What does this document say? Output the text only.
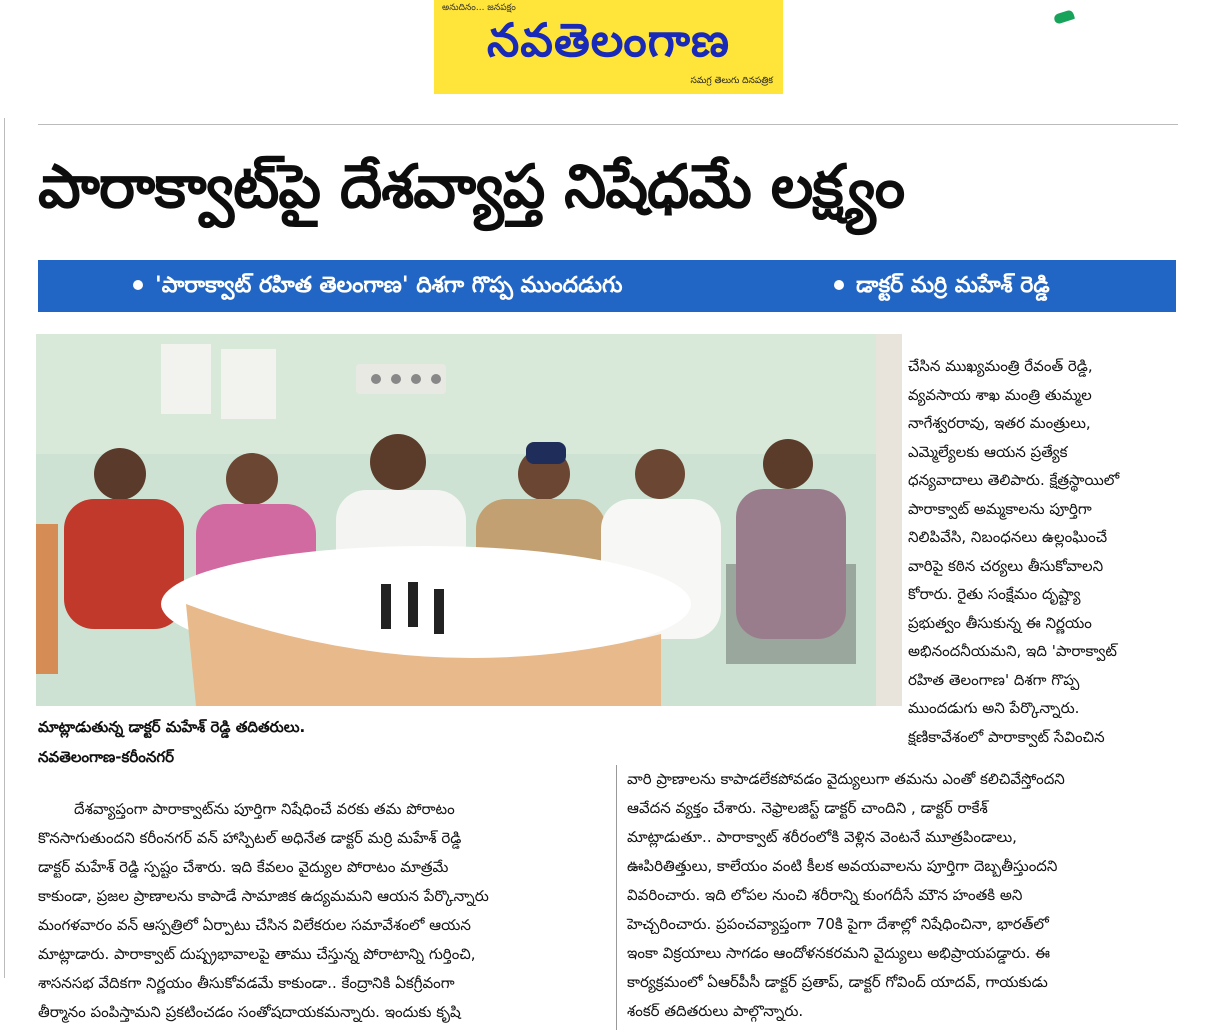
అనుదినం... జనపక్షం
నవతెలంగాణ
సమగ్ర తెలుగు దినపత్రిక
పారాక్వాట్‌పై దేశవ్యాప్త నిషేధమే లక్ష్యం
'పారాక్వాట్ రహిత తెలంగాణ' దిశగా గొప్ప ముందడుగు	డాక్టర్ మర్రి మహేశ్ రెడ్డి
మాట్లాడుతున్న డాక్టర్ మహేశ్ రెడ్డి తదితరులు.
నవతెలంగాణ-కరీంనగర్
చేసిన ముఖ్యమంత్రి రేవంత్ రెడ్డి,
వ్యవసాయ శాఖ మంత్రి తుమ్మల
నాగేశ్వరరావు, ఇతర మంత్రులు,
ఎమ్మెల్యేలకు ఆయన ప్రత్యేక
ధన్యవాదాలు తెలిపారు. క్షేత్రస్థాయిలో
పారాక్వాట్ అమ్మకాలను పూర్తిగా
నిలిపివేసి, నిబంధనలు ఉల్లంఘించే
వారిపై కఠిన చర్యలు తీసుకోవాలని
కోరారు. రైతు సంక్షేమం దృష్ట్యా
ప్రభుత్వం తీసుకున్న ఈ నిర్ణయం
అభినందనీయమని, ఇది 'పారాక్వాట్
రహిత తెలంగాణ' దిశగా గొప్ప
ముందడుగు అని పేర్కొన్నారు.
క్షణికావేశంలో పారాక్వాట్ సేవించిన
దేశవ్యాప్తంగా పారాక్వాట్‌ను పూర్తిగా నిషేధించే వరకు తమ పోరాటం
కొనసాగుతుందని కరీంనగర్ వన్ హాస్పిటల్ అధినేత డాక్టర్ మర్రి మహేశ్ రెడ్డి
డాక్టర్ మహేశ్ రెడ్డి స్పష్టం చేశారు. ఇది కేవలం వైద్యుల పోరాటం మాత్రమే
కాకుండా, ప్రజల ప్రాణాలను కాపాడే సామాజిక ఉద్యమమని ఆయన పేర్కొన్నారు
మంగళవారం వన్ ఆస్పత్రిలో ఏర్పాటు చేసిన విలేకరుల సమావేశంలో ఆయన
మాట్లాడారు. పారాక్వాట్ దుష్ప్రభావాలపై తాము చేస్తున్న పోరాటాన్ని గుర్తించి,
శాసనసభ వేదికగా నిర్ణయం తీసుకోవడమే కాకుండా.. కేంద్రానికి ఏకగ్రీవంగా
తీర్మానం పంపిస్తామని ప్రకటించడం సంతోషదాయకమన్నారు. ఇందుకు కృషి
వారి ప్రాణాలను కాపాడలేకపోవడం వైద్యులుగా తమను ఎంతో కలిచివేస్తోందని
ఆవేదన వ్యక్తం చేశారు. నెఫ్రాలజిస్ట్ డాక్టర్ చాందిని , డాక్టర్ రాకేశ్
మాట్లాడుతూ.. పారాక్వాట్ శరీరంలోకి వెళ్లిన వెంటనే మూత్రపిండాలు,
ఊపిరితిత్తులు, కాలేయం వంటి కీలక అవయవాలను పూర్తిగా దెబ్బతీస్తుందని
వివరించారు. ఇది లోపల నుంచి శరీరాన్ని కుంగదీసే మౌన హంతకి అని
హెచ్చరించారు. ప్రపంచవ్యాప్తంగా 70కి పైగా దేశాల్లో నిషేధించినా, భారత్‌లో
ఇంకా విక్రయాలు సాగడం ఆందోళనకరమని వైద్యులు అభిప్రాయపడ్డారు. ఈ
కార్యక్రమంలో ఏఆర్‌పీసీ డాక్టర్ ప్రతాప్, డాక్టర్ గోవింద్ యాదవ్, గాయకుడు
శంకర్ తదితరులు పాల్గొన్నారు.
